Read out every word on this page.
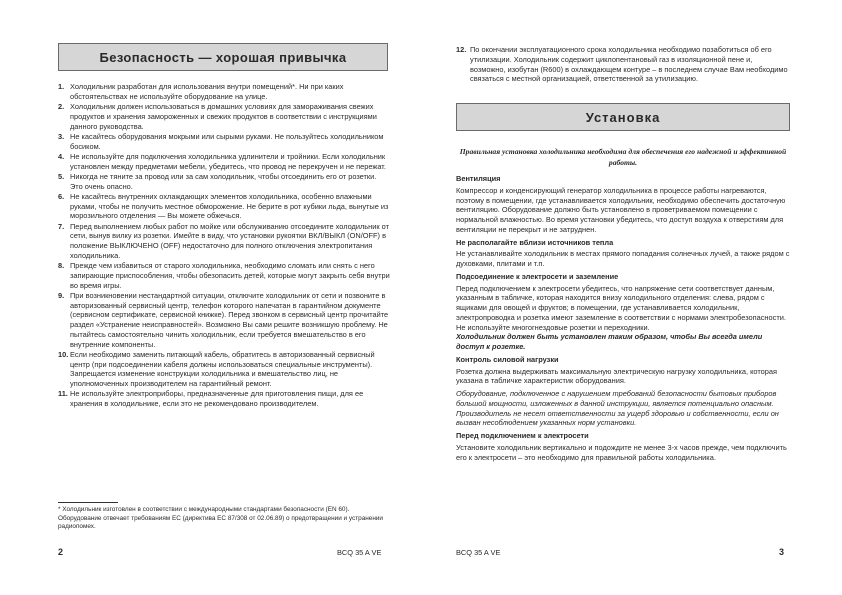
Безопасность — хорошая привычка
1. Холодильник разработан для использования внутри помещений*. Ни при каких обстоятельствах не используйте оборудование на улице.
2. Холодильник должен использоваться в домашних условиях для замораживания свежих продуктов и хранения замороженных и свежих продуктов в соответствии с инструкциями данного руководства.
3. Не касайтесь оборудования мокрыми или сырыми руками. Не пользуйтесь холодильником босиком.
4. Не используйте для подключения холодильника удлинители и тройники. Если холодильник установлен между предметами мебели, убедитесь, что провод не перекручен и не пережат.
5. Никогда не тяните за провод или за сам холодильник, чтобы отсоединить его от розетки. Это очень опасно.
6. Не касайтесь внутренних охлаждающих элементов холодильника, особенно влажными руками, чтобы не получить местное обморожение. Не берите в рот кубики льда, вынутые из морозильного отделения — Вы можете обжечься.
7. Перед выполнением любых работ по мойке или обслуживанию отсоедините холодильник от сети, вынув вилку из розетки. Имейте в виду, что установки рукоятки ВКЛ/ВЫКЛ (ON/OFF) в положение ВЫКЛЮЧЕНО (OFF) недостаточно для полного отключения электропитания холодильника.
8. Прежде чем избавиться от старого холодильника, необходимо сломать или снять с него запирающие приспособления, чтобы обезопасить детей, которые могут закрыть себя внутри во время игры.
9. При возникновении нестандартной ситуации, отключите холодильник от сети и позвоните в авторизованный сервисный центр, телефон которого напечатан в гарантийном документе (сервисном сертификате, сервисной книжке). Перед звонком в сервисный центр прочитайте раздел «Устранение неисправностей». Возможно Вы сами решите возникшую проблему. Не пытайтесь самостоятельно чинить холодильник, если требуется вмешательство в его внутренние компоненты.
10. Если необходимо заменить питающий кабель, обратитесь в авторизованный сервисный центр (при подсоединении кабеля должны использоваться специальные инструменты). Запрещается изменение конструкции холодильника и вмешательство лиц, не уполномоченных производителем на гарантийный ремонт.
11. Не используйте электроприборы, предназначенные для приготовления пищи, для ее хранения в холодильнике, если это не рекомендовано производителем.
* Холодильник изготовлен в соответствии с международными стандартами безопасности (EN 60). Оборудование отвечает требованиям ЕС (директива ЕС 87/308 от 02.06.89) о предотвращении и устранении радиопомех.
2	BCQ 35 A VE
12. По окончании эксплуатационного срока холодильника необходимо позаботиться об его утилизации. Холодильник содержит циклопентановый газ в изоляционной пене и, возможно, изобутан (R600) в охлаждающем контуре – в последнем случае Вам необходимо связаться с местной организацией, ответственной за утилизацию.
Установка
Правильная установка холодильника необходима для обеспечения его надежной и эффективной работы.
Вентиляция

Компрессор и конденсирующий генератор холодильника в процессе работы нагреваются, поэтому в помещении, где устанавливается холодильник, необходимо обеспечить достаточную вентиляцию. Оборудование должно быть установлено в проветриваемом помещении с нормальной влажностью. Во время установки убедитесь, что доступ воздуха к отверстиям для вентиляции не перекрыт и не затруднен.

Не располагайте вблизи источников тепла

Не устанавливайте холодильник в местах прямого попадания солнечных лучей, а также рядом с духовками, плитами и т.п.

Подсоединение к электросети и заземление

Перед подключением к электросети убедитесь, что напряжение сети соответствует данным, указанным в табличке, которая находится внизу холодильного отделения: слева, рядом с ящиками для овощей и фруктов; в помещении, где устанавливается холодильник, электропроводка и розетка имеют заземление в соответствии с нормами электробезопасности. Не используйте многогнездовые розетки и переходники.

Холодильник должен быть установлен таким образом, чтобы Вы всегда имели доступ к розетке.

Контроль силовой нагрузки

Розетка должна выдерживать максимальную электрическую нагрузку холодильника, которая указана в табличке характеристик оборудования.

Оборудование, подключенное с нарушением требований безопасности бытовых приборов большой мощности, изложенных в данной инструкции, является потенциально опасным. Производитель не несет ответственности за ущерб здоровью и собственности, если он вызван несоблюдением указанных норм установки.

Перед подключением к электросети

Установите холодильник вертикально и подождите не менее 3-х часов прежде, чем подключить его к электросети – это необходимо для правильной работы холодильника.

BCQ 35 A VE	3
